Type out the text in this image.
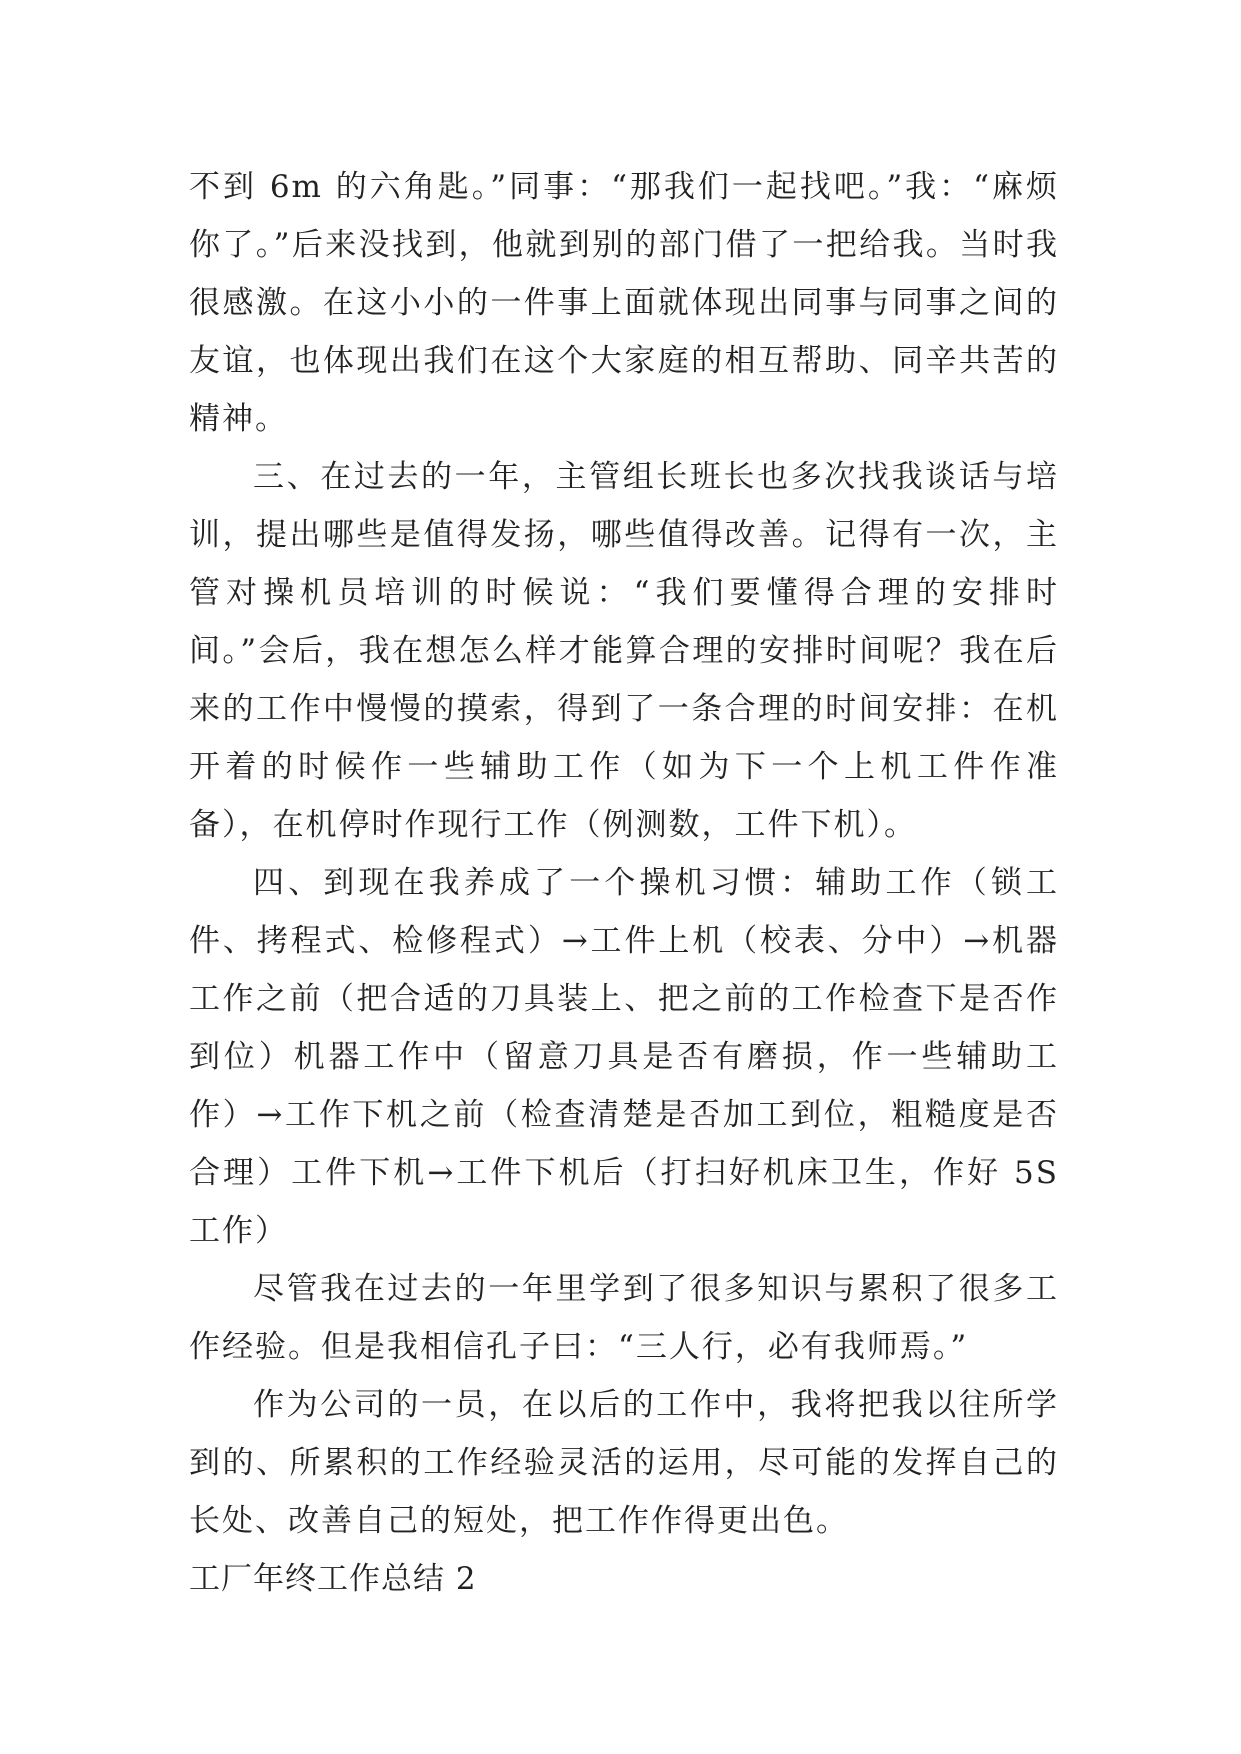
不到 6m 的六角匙。”同事：“那我们一起找吧。”我：“麻烦你了。”后来没找到，他就到别的部门借了一把给我。当时我很感激。在这小小的一件事上面就体现出同事与同事之间的友谊，也体现出我们在这个大家庭的相互帮助、同辛共苦的精神。

三、在过去的一年，主管组长班长也多次找我谈话与培训，提出哪些是值得发扬，哪些值得改善。记得有一次，主管对操机员培训的时候说：“我们要懂得合理的安排时间。”会后，我在想怎么样才能算合理的安排时间呢？我在后来的工作中慢慢的摸索，得到了一条合理的时间安排：在机开着的时候作一些辅助工作（如为下一个上机工件作准备），在机停时作现行工作（例测数，工件下机）。

四、到现在我养成了一个操机习惯：辅助工作（锁工件、拷程式、检修程式）→工件上机（校表、分中）→机器工作之前（把合适的刀具装上、把之前的工作检查下是否作到位）机器工作中（留意刀具是否有磨损，作一些辅助工作）→工作下机之前（检查清楚是否加工到位，粗糙度是否合理）工件下机→工件下机后（打扫好机床卫生，作好 5S 工作）

尽管我在过去的一年里学到了很多知识与累积了很多工作经验。但是我相信孔子曰：“三人行，必有我师焉。”

作为公司的一员，在以后的工作中，我将把我以往所学到的、所累积的工作经验灵活的运用，尽可能的发挥自己的长处、改善自己的短处，把工作作得更出色。

工厂年终工作总结 2
